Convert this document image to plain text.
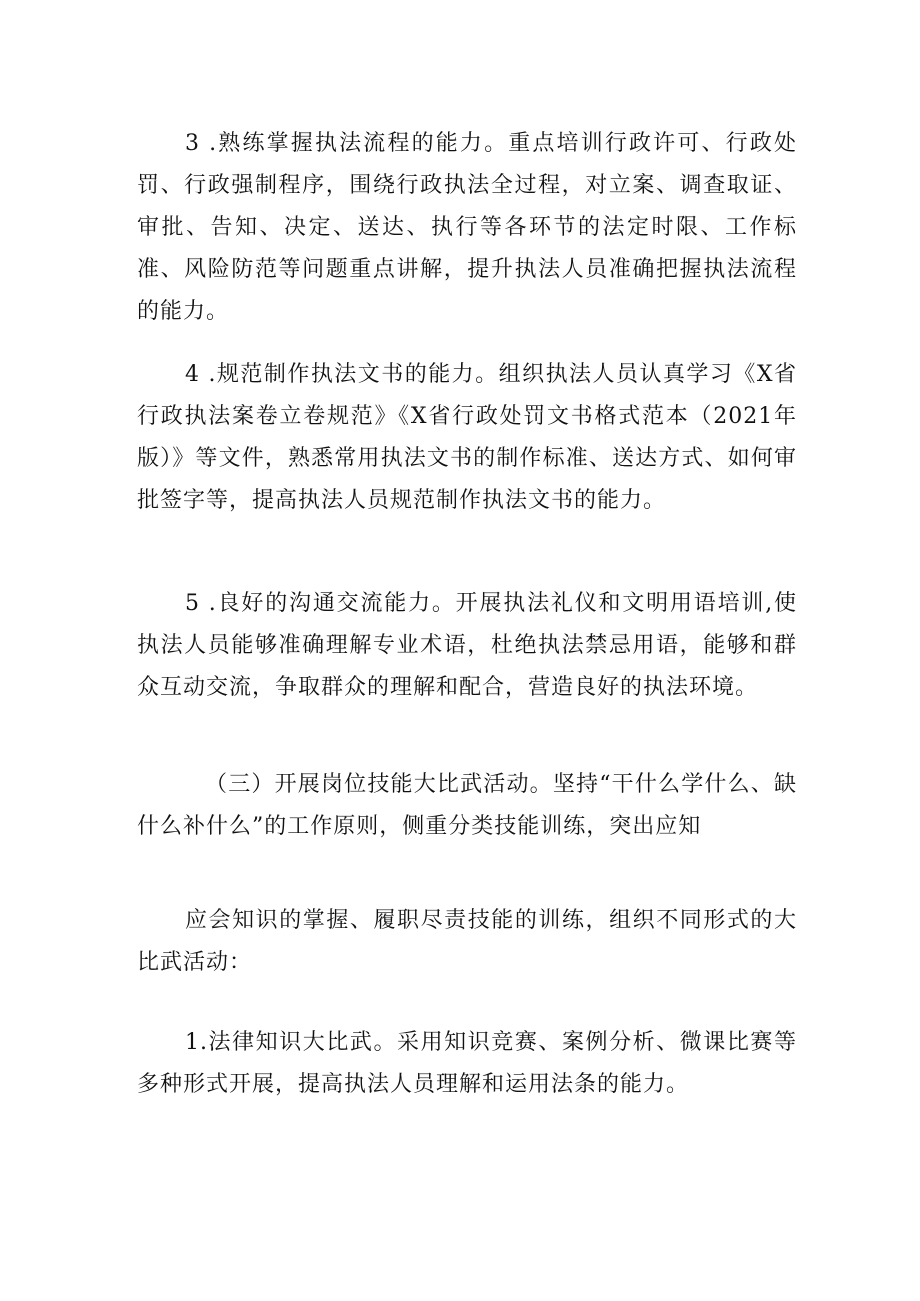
3 .熟练掌握执法流程的能力。重点培训行政许可、行政处罚、行政强制程序，围绕行政执法全过程，对立案、调查取证、审批、告知、决定、送达、执行等各环节的法定时限、工作标准、风险防范等问题重点讲解，提升执法人员准确把握执法流程的能力。

4 .规范制作执法文书的能力。组织执法人员认真学习《X省行政执法案卷立卷规范》《X省行政处罚文书格式范本（2021年版）》等文件，熟悉常用执法文书的制作标准、送达方式、如何审批签字等，提高执法人员规范制作执法文书的能力。

5 .良好的沟通交流能力。开展执法礼仪和文明用语培训,使执法人员能够准确理解专业术语，杜绝执法禁忌用语，能够和群众互动交流，争取群众的理解和配合，营造良好的执法环境。

（三）开展岗位技能大比武活动。坚持“干什么学什么、缺什么补什么”的工作原则，侧重分类技能训练，突出应知

应会知识的掌握、履职尽责技能的训练，组织不同形式的大比武活动：

1.法律知识大比武。采用知识竞赛、案例分析、微课比赛等多种形式开展，提高执法人员理解和运用法条的能力。
